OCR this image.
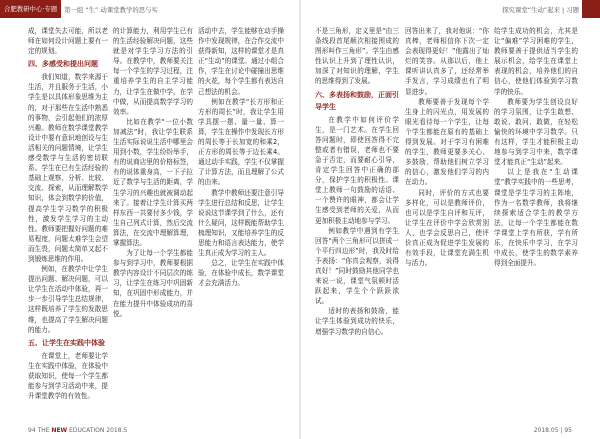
合肥教研中心·专题	第一组 “生” 动课堂教学的思与实	探究课堂“生动”起来 | 习题

成，课堂失去可能，所以老师在如何设计问题上要有一定的规划。

四、多感受和提出问题

我们知道，数学来源于生活，并且服务于生活，小学生是以具体形象思维为主的，对于那些在生活中熟悉的事物，会引起他们的浓厚兴趣。教师在数学课堂教学设计中要有意识地创设与生活相关的问题情境，让学生感受数学与生活的密切联系。学生在已有生活经验的基础上观察、分析、比较、交流、探索，从而理解数学知识，体会到数学的价值，提高学生学习数学的积极性，激发学生学习的主动性。教师要把握好问题的难易程度，问题太难学生会望而生畏，问题太简单又起不到锻炼思维的作用。

例如，在教学中让学生提出问题、解决问题，可以让学生在活动中体验，再一步一步引导学生总结规律，这样既培养了学生的发散思维，也提高了学生解决问题的能力。

五、让学生在实践中体验

在课堂上，老师要让学生在实践中体验，在体验中获取知识，使每一个学生都能参与到学习活动中来，提升课堂教学的有效性。

的计算能力，利用学生已有的生活经验解决问题，这些就是对学生学习方法的引导。在教学中，教师要关注每一个学生的学习过程，注重培养学生的自主学习能力，让学生在做中学，在学中做，从而提高数学学习的效率。

比如在教学“一位小数加减法”时，我让学生联系生活实际说说生活中哪里会用到小数，学生纷纷举手，有的说商店里的价格标签，有的说体重身高，一下子拉近了数学与生活的距离，学生学习的兴趣也就被调动起来了。接着让学生计算买两样东西一共要付多少钱，学生自己列式计算，然后交流算法，在交流中理解算理，掌握算法。

为了让每一个学生都能参与到学习中，教师要根据教学内容设计不同层次的练习，让学生在练习中巩固新知，在巩固中形成能力，并在能力提升中体验成功的喜悦。

活动中去，学生能够在动手操作中发现规律，在合作交流中获得新知，这样的课堂才是真正“生动”的课堂。通过小组合作，学生在讨论中碰撞出思维的火花，每个学生都有表达自己想法的机会。

例如在教学“长方形和正方形的周长”时，我让学生用学具摆一摆、量一量、算一算，学生在操作中发现长方形的周长等于长加宽的和乘2，正方形的周长等于边长乘4。通过动手实践，学生不仅掌握了计算方法，而且理解了公式的由来。

教学中教师还要注意引导学生进行总结和反思，让学生说说这节课学到了什么，还有什么疑问，这样既能帮助学生梳理知识，又能培养学生的反思能力和语言表达能力，使学生真正成为学习的主人。

总之，让学生在实践中体验，在体验中成长，数学课堂才会充满活力。

不是三角形，定义里是“由三条线段首尾顺次相接围成的图形叫作三角形”。学生由感性认识上升到了理性认识，加深了对知识的理解，学生的思维得到了发展。

六、多表扬和鼓励，正面引导学生

在教学中如何评价学生，是一门艺术。在学生回答问题时，即使回答得不完整或者有错误，老师也不要急于否定，而要耐心引导，肯定学生回答中正确的部分，保护学生的积极性。课堂上教师一句鼓励的话语、一个赞许的眼神，都会让学生感受到老师的关爱，从而更加积极主动地参与学习。

例如教学中遇到有学生回答“两个三角形可以拼成一个平行四边形”时，我及时给予表扬：“你真会观察，说得真好！”同时鼓励其他同学也来说一说，课堂气氛顿时活跃起来，学生个个跃跃欲试。

适时的表扬和鼓励，能让学生体验到成功的快乐，增强学习数学的自信心。

回答出来了，我对他说：“你真棒，老师相信你下次一定会表现得更好！”他露出了灿烂的笑容。从那以后，他上课听讲认真多了，还经常举手发言，学习成绩也有了明显进步。

教师要善于发现每个学生身上的闪光点，用发展的眼光看待每一个学生，让每个学生都能在原有的基础上得到发展。对于学习有困难的学生，教师更要多关心、多鼓励，帮助他们树立学习的信心，激发他们学习的内在动力。

同时，评价的方式也要多样化，可以是教师评价，也可以是学生自评和互评，让学生在评价中学会欣赏别人，也学会反思自己，使评价真正成为促进学生发展的有效手段，让课堂充满生机与活力。

给学生成功的机会，尤其是让“偏难”学习困难的学生，教师要善于提供适当学生的展示机会，给学生在课堂上表现的机会，培养他们的自信心，使他们体验到学习数学的快乐。

教师要为学生创设良好的学习氛围，让学生敢想、敢说、敢问、敢做，在轻松愉快的环境中学习数学。只有这样，学生才能积极主动地参与到学习中来，数学课堂才能真正“生动”起来。

以上是我在“生动课堂”教学实践中的一些思考，课堂是学生学习的主阵地，作为一名数学教师，我将继续探索适合学生的教学方法，让每一个学生都能在数学课堂上学有所获，学有所乐，在快乐中学习，在学习中成长，使学生的数学素养得到全面提升。

94 THE NEW EDUCATION 2018.5	2018.05 | 95
